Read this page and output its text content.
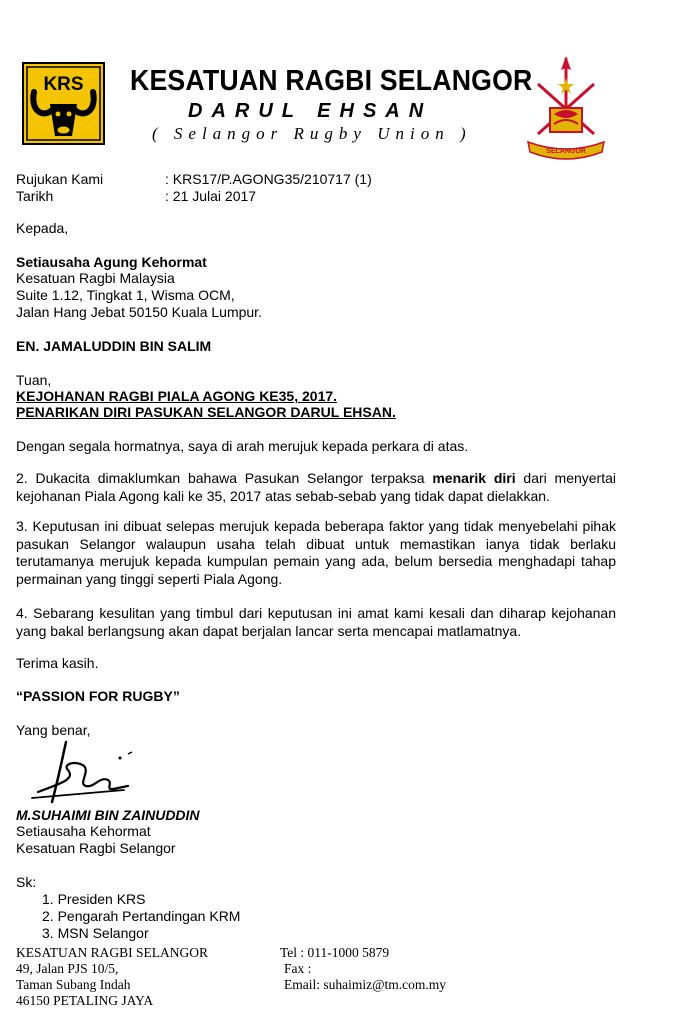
KRS KESATUAN RAGBI SELANGOR
DARUL EHSAN
( Selangor Rugby Union )
SELANGOR
Rujukan Kami	: KRS17/P.AGONG35/210717 (1)
Tarikh	: 21 Julai 2017
Kepada,
Setiausaha Agung Kehormat
Kesatuan Ragbi Malaysia
Suite 1.12, Tingkat 1, Wisma OCM,
Jalan Hang Jebat 50150 Kuala Lumpur.
EN. JAMALUDDIN BIN SALIM
Tuan,
KEJOHANAN RAGBI PIALA AGONG KE35, 2017.
PENARIKAN DIRI PASUKAN SELANGOR DARUL EHSAN.
Dengan segala hormatnya, saya di arah merujuk kepada perkara di atas.
2. Dukacita dimaklumkan bahawa Pasukan Selangor terpaksa menarik diri dari menyertai kejohanan Piala Agong kali ke 35, 2017 atas sebab-sebab yang tidak dapat dielakkan.
3. Keputusan ini dibuat selepas merujuk kepada beberapa faktor yang tidak menyebelahi pihak pasukan Selangor walaupun usaha telah dibuat untuk memastikan ianya tidak berlaku terutamanya merujuk kepada kumpulan pemain yang ada, belum bersedia menghadapi tahap permainan yang tinggi seperti Piala Agong.
4. Sebarang kesulitan yang timbul dari keputusan ini amat kami kesali dan diharap kejohanan yang bakal berlangsung akan dapat berjalan lancar serta mencapai matlamatnya.
Terima kasih.
“PASSION FOR RUGBY”
Yang benar,
M.SUHAIMI BIN ZAINUDDIN
Setiausaha Kehormat
Kesatuan Ragbi Selangor
Sk:
1. Presiden KRS
2. Pengarah Pertandingan KRM
3. MSN Selangor
KESATUAN RAGBI SELANGOR
49, Jalan PJS 10/5,
Taman Subang Indah
46150 PETALING JAYA
Tel : 011-1000 5879
Fax :
Email: suhaimiz@tm.com.my
